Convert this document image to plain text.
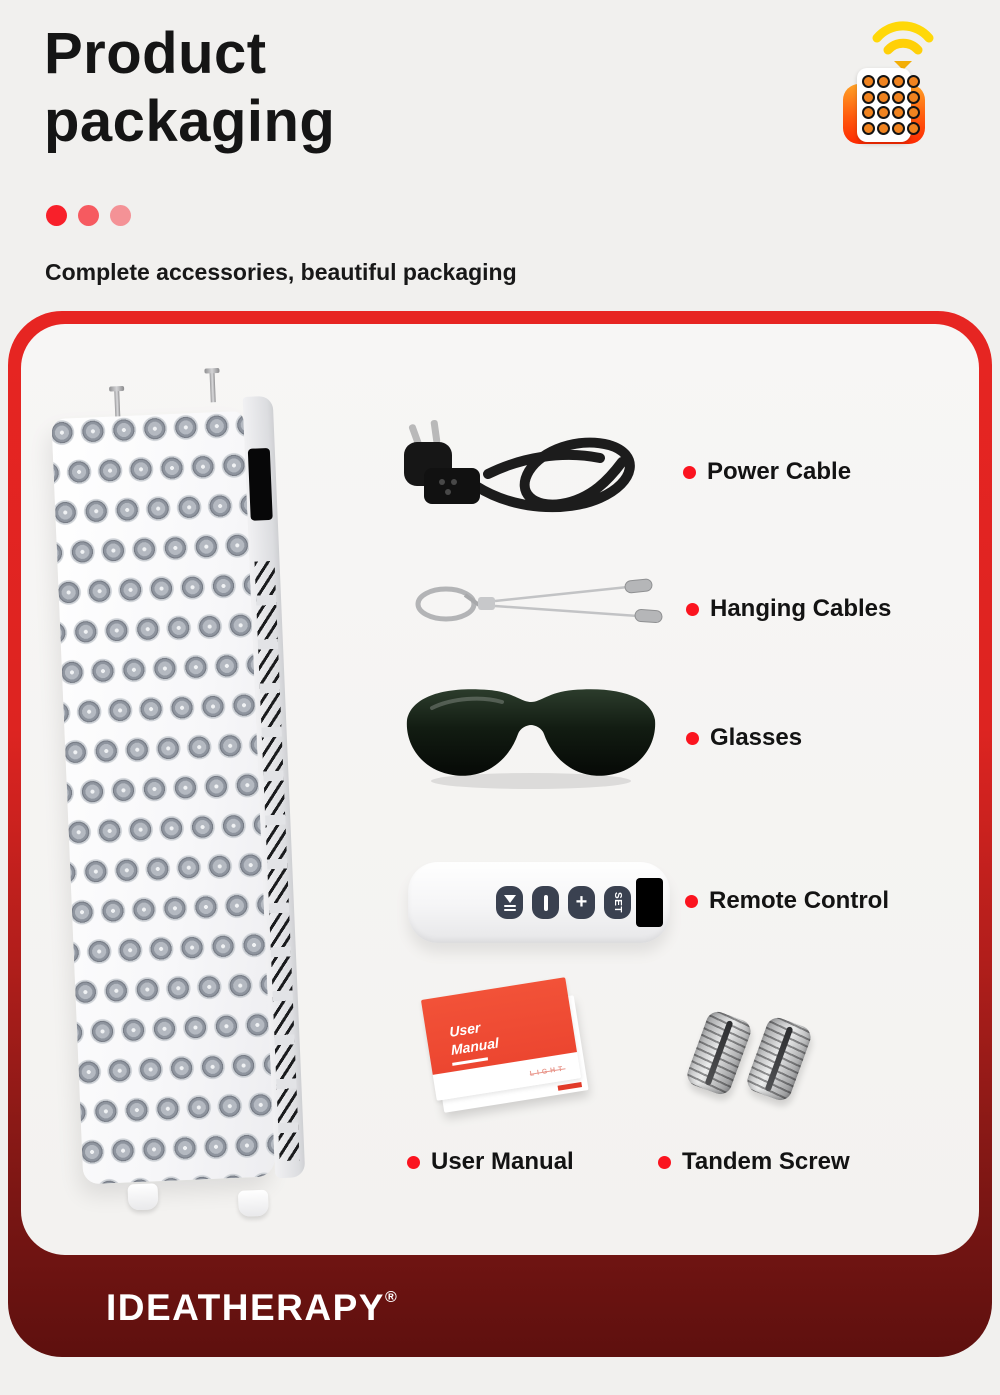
Product
packaging
Complete accessories, beautiful packaging
IDEATHERAPY®
+ SET
User
Manual
LIGHT
Power Cable
Hanging Cables
Glasses
Remote Control
User Manual	Tandem Screw
